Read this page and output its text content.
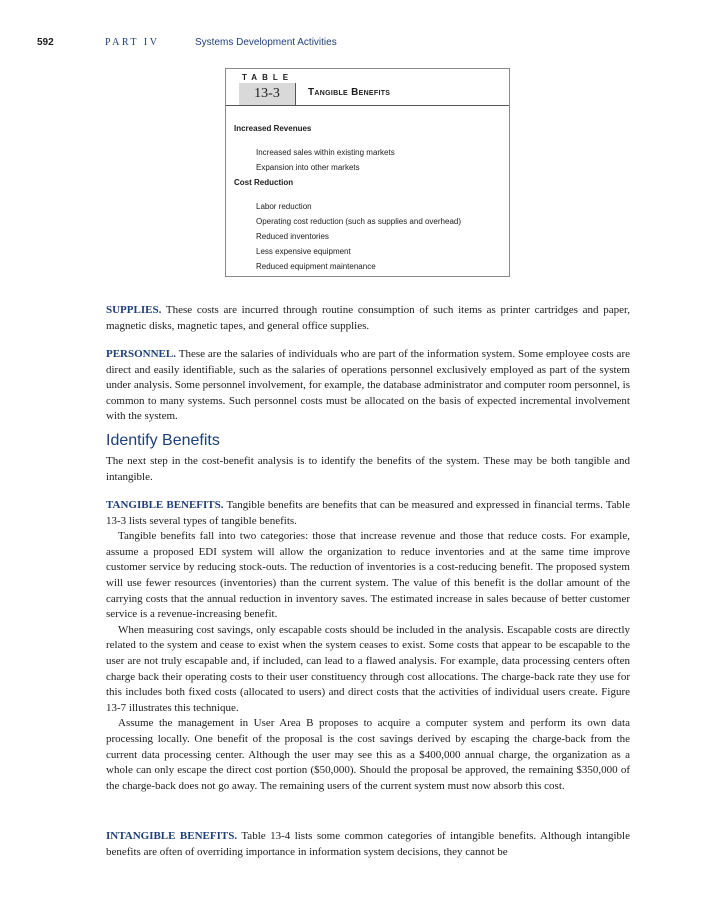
592	PART IV	Systems Development Activities
TABLE
13-3	Tangible Benefits
Increased Revenues
Increased sales within existing markets
Expansion into other markets
Cost Reduction
Labor reduction
Operating cost reduction (such as supplies and overhead)
Reduced inventories
Less expensive equipment
Reduced equipment maintenance

SUPPLIES. These costs are incurred through routine consumption of such items as printer cartridges and paper, magnetic disks, magnetic tapes, and general office supplies.

PERSONNEL. These are the salaries of individuals who are part of the information system. Some employee costs are direct and easily identifiable, such as the salaries of operations personnel exclusively employed as part of the system under analysis. Some personnel involvement, for example, the database administrator and computer room personnel, is common to many systems. Such personnel costs must be allocated on the basis of expected incremental involvement with the system.

Identify Benefits

The next step in the cost-benefit analysis is to identify the benefits of the system. These may be both tangible and intangible.

TANGIBLE BENEFITS. Tangible benefits are benefits that can be measured and expressed in financial terms. Table 13-3 lists several types of tangible benefits.

Tangible benefits fall into two categories: those that increase revenue and those that reduce costs. For example, assume a proposed EDI system will allow the organization to reduce inventories and at the same time improve customer service by reducing stock-outs. The reduction of inventories is a cost-reducing benefit. The proposed system will use fewer resources (inventories) than the current system. The value of this benefit is the dollar amount of the carrying costs that the annual reduction in inventory saves. The estimated increase in sales because of better customer service is a revenue-increasing benefit.

When measuring cost savings, only escapable costs should be included in the analysis. Escapable costs are directly related to the system and cease to exist when the system ceases to exist. Some costs that appear to be escapable to the user are not truly escapable and, if included, can lead to a flawed analysis. For example, data processing centers often charge back their operating costs to their user constituency through cost allocations. The charge-back rate they use for this includes both fixed costs (allocated to users) and direct costs that the activities of individual users create. Figure 13-7 illustrates this technique.

Assume the management in User Area B proposes to acquire a computer system and perform its own data processing locally. One benefit of the proposal is the cost savings derived by escaping the charge-back from the current data processing center. Although the user may see this as a $400,000 annual charge, the organization as a whole can only escape the direct cost portion ($50,000). Should the proposal be approved, the remaining $350,000 of the charge-back does not go away. The remaining users of the current system must now absorb this cost.

INTANGIBLE BENEFITS. Table 13-4 lists some common categories of intangible benefits. Although intangible benefits are often of overriding importance in information system decisions, they cannot be
